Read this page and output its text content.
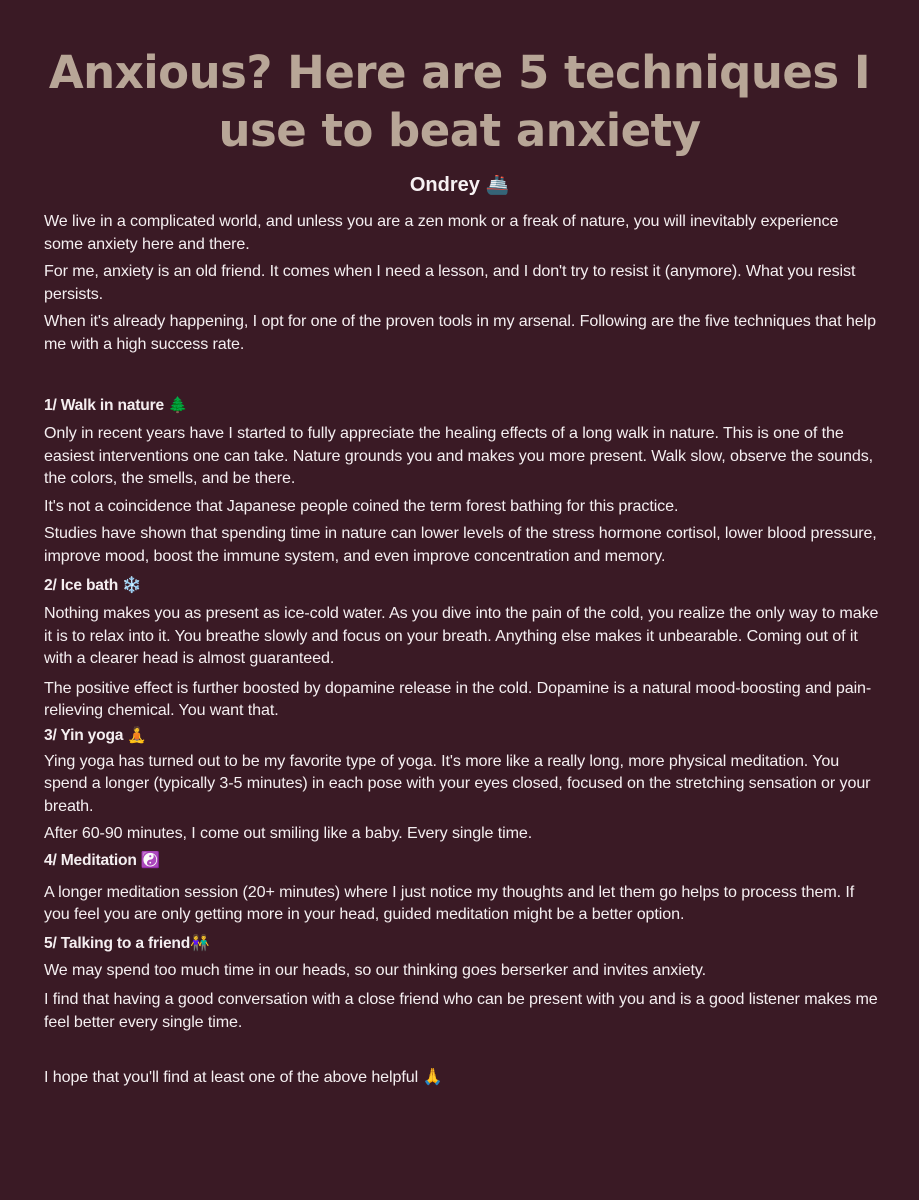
Anxious? Here are 5 techniques I use to beat anxiety
Ondrey 🚢

We live in a complicated world, and unless you are a zen monk or a freak of nature, you will inevitably experience some anxiety here and there.

For me, anxiety is an old friend. It comes when I need a lesson, and I don't try to resist it (anymore). What you resist persists.

When it's already happening, I opt for one of the proven tools in my arsenal. Following are the five techniques that help me with a high success rate.

1/ Walk in nature 🌲

Only in recent years have I started to fully appreciate the healing effects of a long walk in nature. This is one of the easiest interventions one can take. Nature grounds you and makes you more present. Walk slow, observe the sounds, the colors, the smells, and be there.

It's not a coincidence that Japanese people coined the term forest bathing for this practice.

Studies have shown that spending time in nature can lower levels of the stress hormone cortisol, lower blood pressure, improve mood, boost the immune system, and even improve concentration and memory.

2/ Ice bath ❄️

Nothing makes you as present as ice-cold water. As you dive into the pain of the cold, you realize the only way to make it is to relax into it. You breathe slowly and focus on your breath. Anything else makes it unbearable. Coming out of it with a clearer head is almost guaranteed.

The positive effect is further boosted by dopamine release in the cold. Dopamine is a natural mood-boosting and pain-relieving chemical. You want that.

3/ Yin yoga 🧘

Ying yoga has turned out to be my favorite type of yoga. It's more like a really long, more physical meditation. You spend a longer (typically 3-5 minutes) in each pose with your eyes closed, focused on the stretching sensation or your breath.

After 60-90 minutes, I come out smiling like a baby. Every single time.

4/ Meditation ☯️

A longer meditation session (20+ minutes) where I just notice my thoughts and let them go helps to process them. If you feel you are only getting more in your head, guided meditation might be a better option.

5/ Talking to a friend👫

We may spend too much time in our heads, so our thinking goes berserker and invites anxiety.

I find that having a good conversation with a close friend who can be present with you and is a good listener makes me feel better every single time.

I hope that you'll find at least one of the above helpful 🙏
